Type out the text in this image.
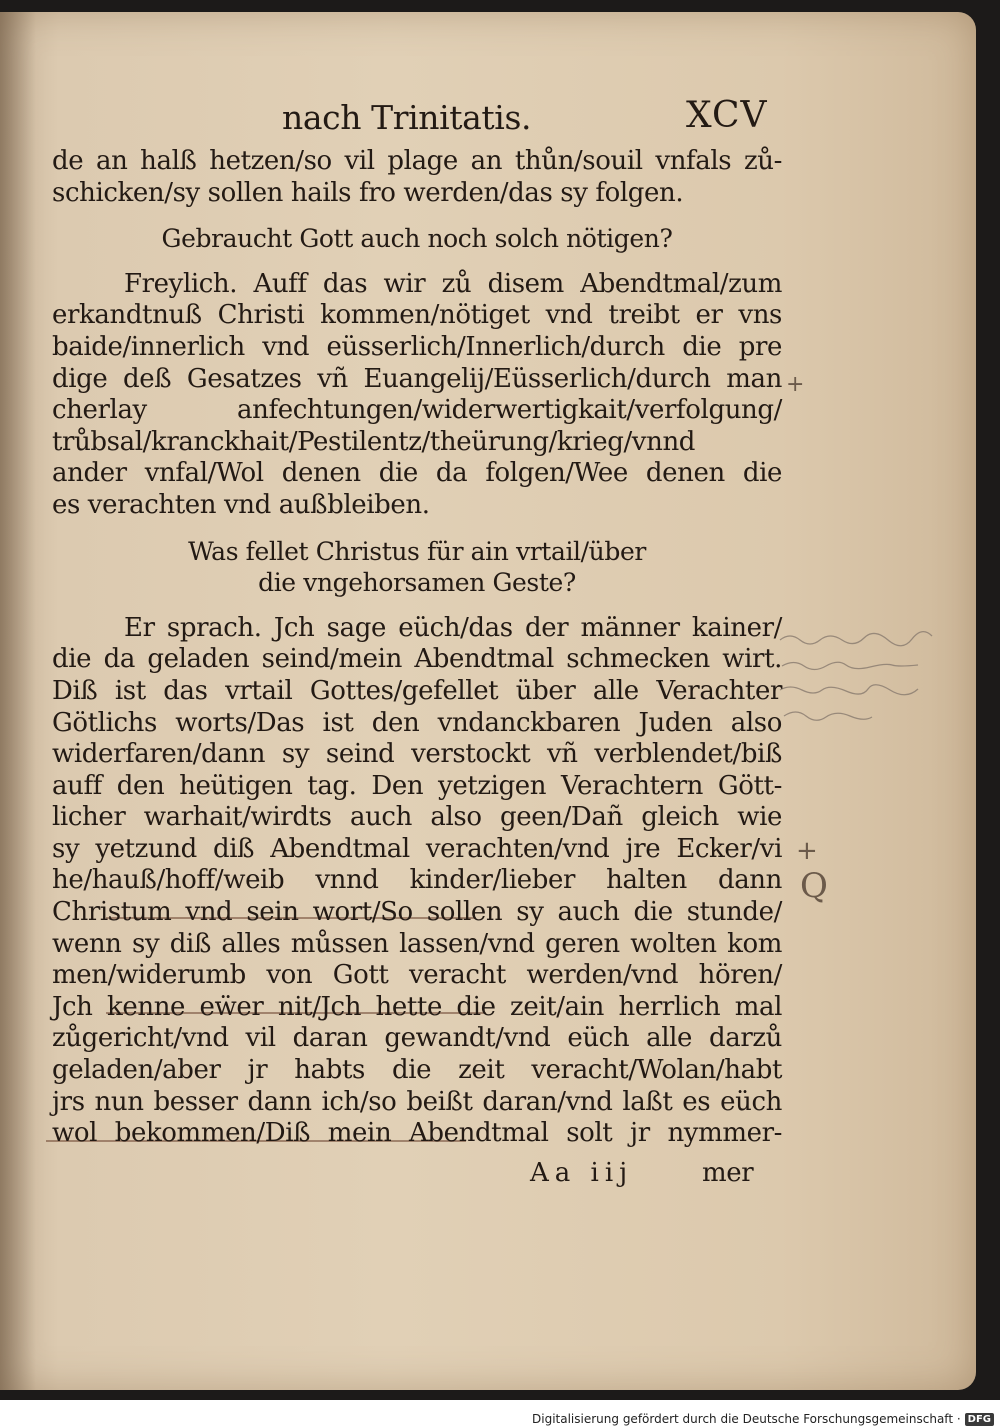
+
+
Q
nach Trinitatis.	XCV
de an halß hetzen/so vil plage an thůn/souil vnfals zů-
schicken/sy sollen hails fro werden/das sy folgen.
Gebraucht Gott auch noch solch nötigen?
Freylich. Auff das wir zů disem Abendtmal/zum
erkandtnuß Christi kommen/nötiget vnd treibt er vns
baide/innerlich vnd eüsserlich/Innerlich/durch die pre
dige deß Gesatzes vñ Euangelij/Eüsserlich/durch man
cherlay anfechtungen/widerwertigkait/verfolgung/
trůbsal/kranckhait/Pestilentz/theürung/krieg/vnnd
ander vnfal/Wol denen die da folgen/Wee denen die
es verachten vnd außbleiben.
Was fellet Christus für ain vrtail/über
die vngehorsamen Geste?
Er sprach. Jch sage eüch/das der männer kainer/
die da geladen seind/mein Abendtmal schmecken wirt.
Diß ist das vrtail Gottes/gefellet über alle Verachter
Götlichs worts/Das ist den vndanckbaren Juden also
widerfaren/dann sy seind verstockt vñ verblendet/biß
auff den heütigen tag. Den yetzigen Verachtern Gött-
licher warhait/wirdts auch also geen/Dañ gleich wie
sy yetzund diß Abendtmal verachten/vnd jre Ecker/vi
he/hauß/hoff/weib vnnd kinder/lieber halten dann
Christum vnd sein wort/So sollen sy auch die stunde/
wenn sy diß alles můssen lassen/vnd geren wolten kom
men/widerumb von Gott veracht werden/vnd hören/
Jch kenne eẅer nit/Jch hette die zeit/ain herrlich mal
zůgericht/vnd vil daran gewandt/vnd eüch alle darzů
geladen/aber jr habts die zeit veracht/Wolan/habt
jrs nun besser dann ich/so beißt daran/vnd laßt es eüch
wol bekommen/Diß mein Abendtmal solt jr nymmer-
Aa iij	mer
Digitalisierung gefördert durch die Deutsche Forschungsgemeinschaft · DFG
